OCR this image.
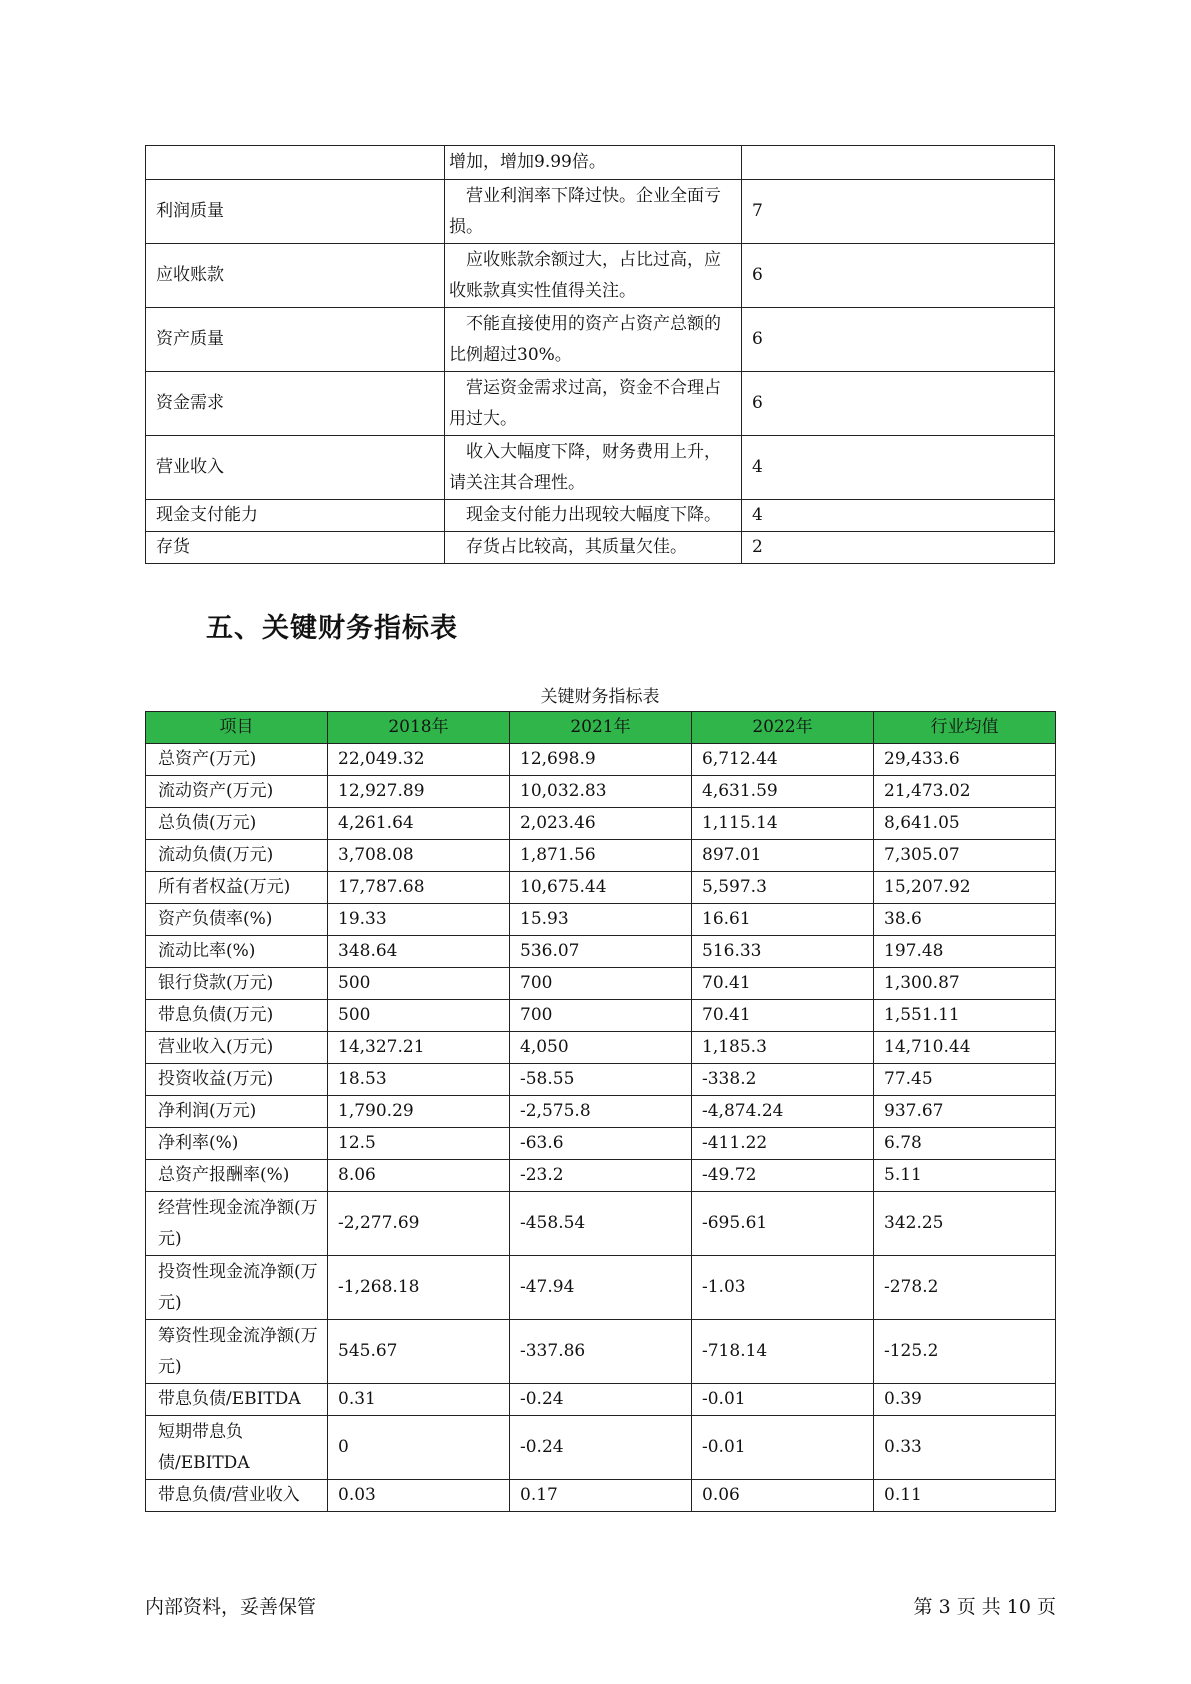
	增加，增加9.99倍。	
利润质量	营业利润率下降过快。企业全面亏损。	7
应收账款	应收账款余额过大，占比过高，应收账款真实性值得关注。	6
资产质量	不能直接使用的资产占资产总额的比例超过30%。	6
资金需求	营运资金需求过高，资金不合理占用过大。	6
营业收入	收入大幅度下降，财务费用上升，请关注其合理性。	4
现金支付能力	现金支付能力出现较大幅度下降。	4
存货	存货占比较高，其质量欠佳。	2
五、关键财务指标表
关键财务指标表
项目	2018年	2021年	2022年	行业均值
总资产(万元)	22,049.32	12,698.9	6,712.44	29,433.6
流动资产(万元)	12,927.89	10,032.83	4,631.59	21,473.02
总负债(万元)	4,261.64	2,023.46	1,115.14	8,641.05
流动负债(万元)	3,708.08	1,871.56	897.01	7,305.07
所有者权益(万元)	17,787.68	10,675.44	5,597.3	15,207.92
资产负债率(%)	19.33	15.93	16.61	38.6
流动比率(%)	348.64	536.07	516.33	197.48
银行贷款(万元)	500	700	70.41	1,300.87
带息负债(万元)	500	700	70.41	1,551.11
营业收入(万元)	14,327.21	4,050	1,185.3	14,710.44
投资收益(万元)	18.53	-58.55	-338.2	77.45
净利润(万元)	1,790.29	-2,575.8	-4,874.24	937.67
净利率(%)	12.5	-63.6	-411.22	6.78
总资产报酬率(%)	8.06	-23.2	-49.72	5.11
经营性现金流净额(万元)	-2,277.69	-458.54	-695.61	342.25
投资性现金流净额(万元)	-1,268.18	-47.94	-1.03	-278.2
筹资性现金流净额(万元)	545.67	-337.86	-718.14	-125.2
带息负债/EBITDA	0.31	-0.24	-0.01	0.39
短期带息负债/EBITDA	0	-0.24	-0.01	0.33
带息负债/营业收入	0.03	0.17	0.06	0.11
内部资料，妥善保管	第 3 页 共 10 页
